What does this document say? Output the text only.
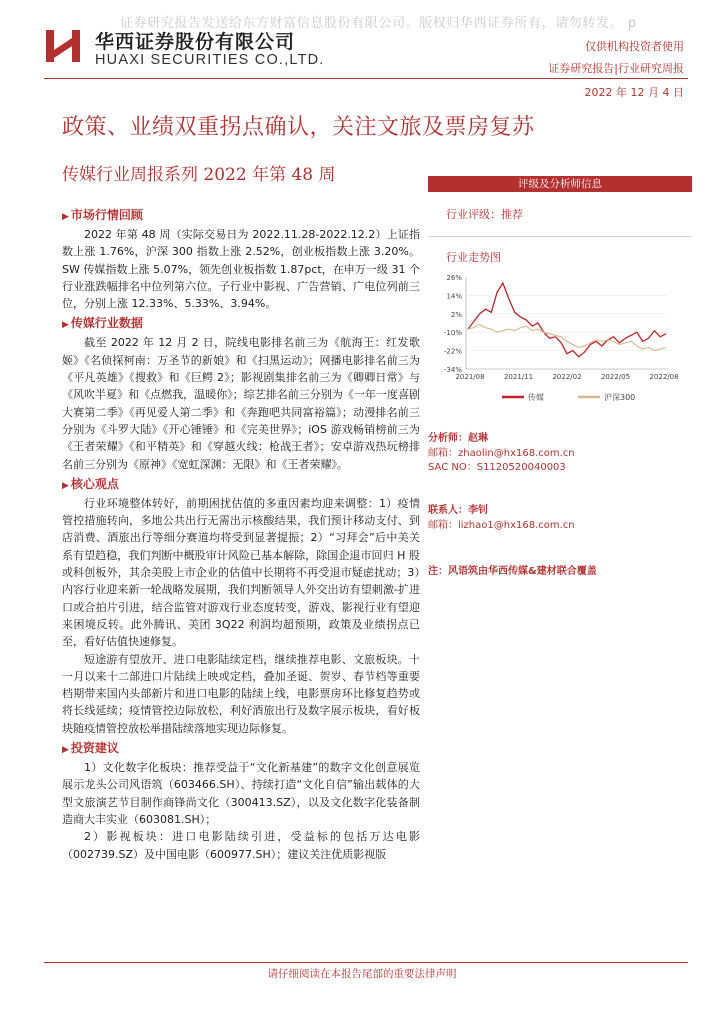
证券研究报告发送给东方财富信息股份有限公司。版权归华西证券所有，请勿转发。 p
华西证券股份有限公司
HUAXI SECURITIES CO.,LTD.
仅供机构投资者使用
证券研究报告|行业研究周报
2022 年 12 月 4 日
政策、业绩双重拐点确认，关注文旅及票房复苏
传媒行业周报系列 2022 年第 48 周
▶ 市场行情回顾

2022 年第 48 周（实际交易日为 2022.11.28-2022.12.2）上证指数上涨 1.76%，沪深 300 指数上涨 2.52%，创业板指数上涨 3.20%。SW 传媒指数上涨 5.07%，领先创业板指数 1.87pct，在申万一级 31 个行业涨跌幅排名中位列第六位。子行业中影视、广告营销、广电位列前三位，分别上涨 12.33%、5.33%、3.94%。

▶ 传媒行业数据

截至 2022 年 12 月 2 日，院线电影排名前三为《航海王：红发歌姬》《名侦探柯南：万圣节的新娘》和《扫黑运动》；网播电影排名前三为《平凡英雄》《搜救》和《巨鳄 2》；影视剧集排名前三为《卿卿日常》与《风吹半夏》和《点燃我，温暖你》；综艺排名前三分别为《一年一度喜剧大赛第二季》《再见爱人第二季》和《奔跑吧共同富裕篇》；动漫排名前三分别为《斗罗大陆》《开心锤锤》和《完美世界》；iOS 游戏畅销榜前三为《王者荣耀》《和平精英》和《穿越火线：枪战王者》；安卓游戏热玩榜排名前三分别为《原神》《宽虹深渊：无限》和《王者荣耀》。

▶ 核心观点

行业环境整体转好，前期困扰估值的多重因素均迎来调整：1）疫情管控措施转向，多地公共出行无需出示核酸结果，我们预计移动支付、到店消费、酒旅出行等细分赛道均将受到显著提振；2）“习拜会”后中美关系有望趋稳，我们判断中概股审计风险已基本解除，除国企退市回归 H 股或科创板外，其余美股上市企业的估值中长期将不再受退市疑虑扰动；3）内容行业迎来新一轮战略发展期，我们判断领导人外交出访有望刺激-扩进口或合拍片引进，结合监管对游戏行业态度转变，游戏、影视行业有望迎来困境反转。此外腾讯、美团 3Q22 利润均超预期，政策及业绩拐点已至，看好估值快速修复。

短途游有望放开、进口电影陆续定档，继续推荐电影、文旅板块。十一月以来十二部进口片陆续上映或定档，叠加圣诞、贺岁、春节档等重要档期带来国内头部新片和进口电影的陆续上线，电影票房环比修复趋势或将长线延续；疫情管控边际放松，利好酒旅出行及数字展示板块，看好板块随疫情管控放松举措陆续落地实现边际修复。

▶ 投资建议

1）文化数字化板块：推荐受益于“文化新基建”的数字文化创意展览展示龙头公司风语筑（603466.SH）、持续打造“文化自信”输出载体的大型文旅演艺节目制作商锋尚文化（300413.SZ），以及文化数字化装备制造商大丰实业（603081.SH）；

2）影视板块：进口电影陆续引进，受益标的包括万达电影（002739.SZ）及中国电影（600977.SH）；建议关注优质影视版

评级及分析师信息
行业评级：推荐
行业走势图
26%
14%
2%
-10%
-22%
-34%
2021/08	2021/11	2022/02	2022/05	2022/08
传媒	沪深300
分析师：赵琳
邮箱：zhaolin@hx168.com.cn
SAC NO：S1120520040003
联系人：李钊
邮箱：lizhao1@hx168.com.cn
注：风语筑由华西传媒&建材联合覆盖
请仔细阅读在本报告尾部的重要法律声明
